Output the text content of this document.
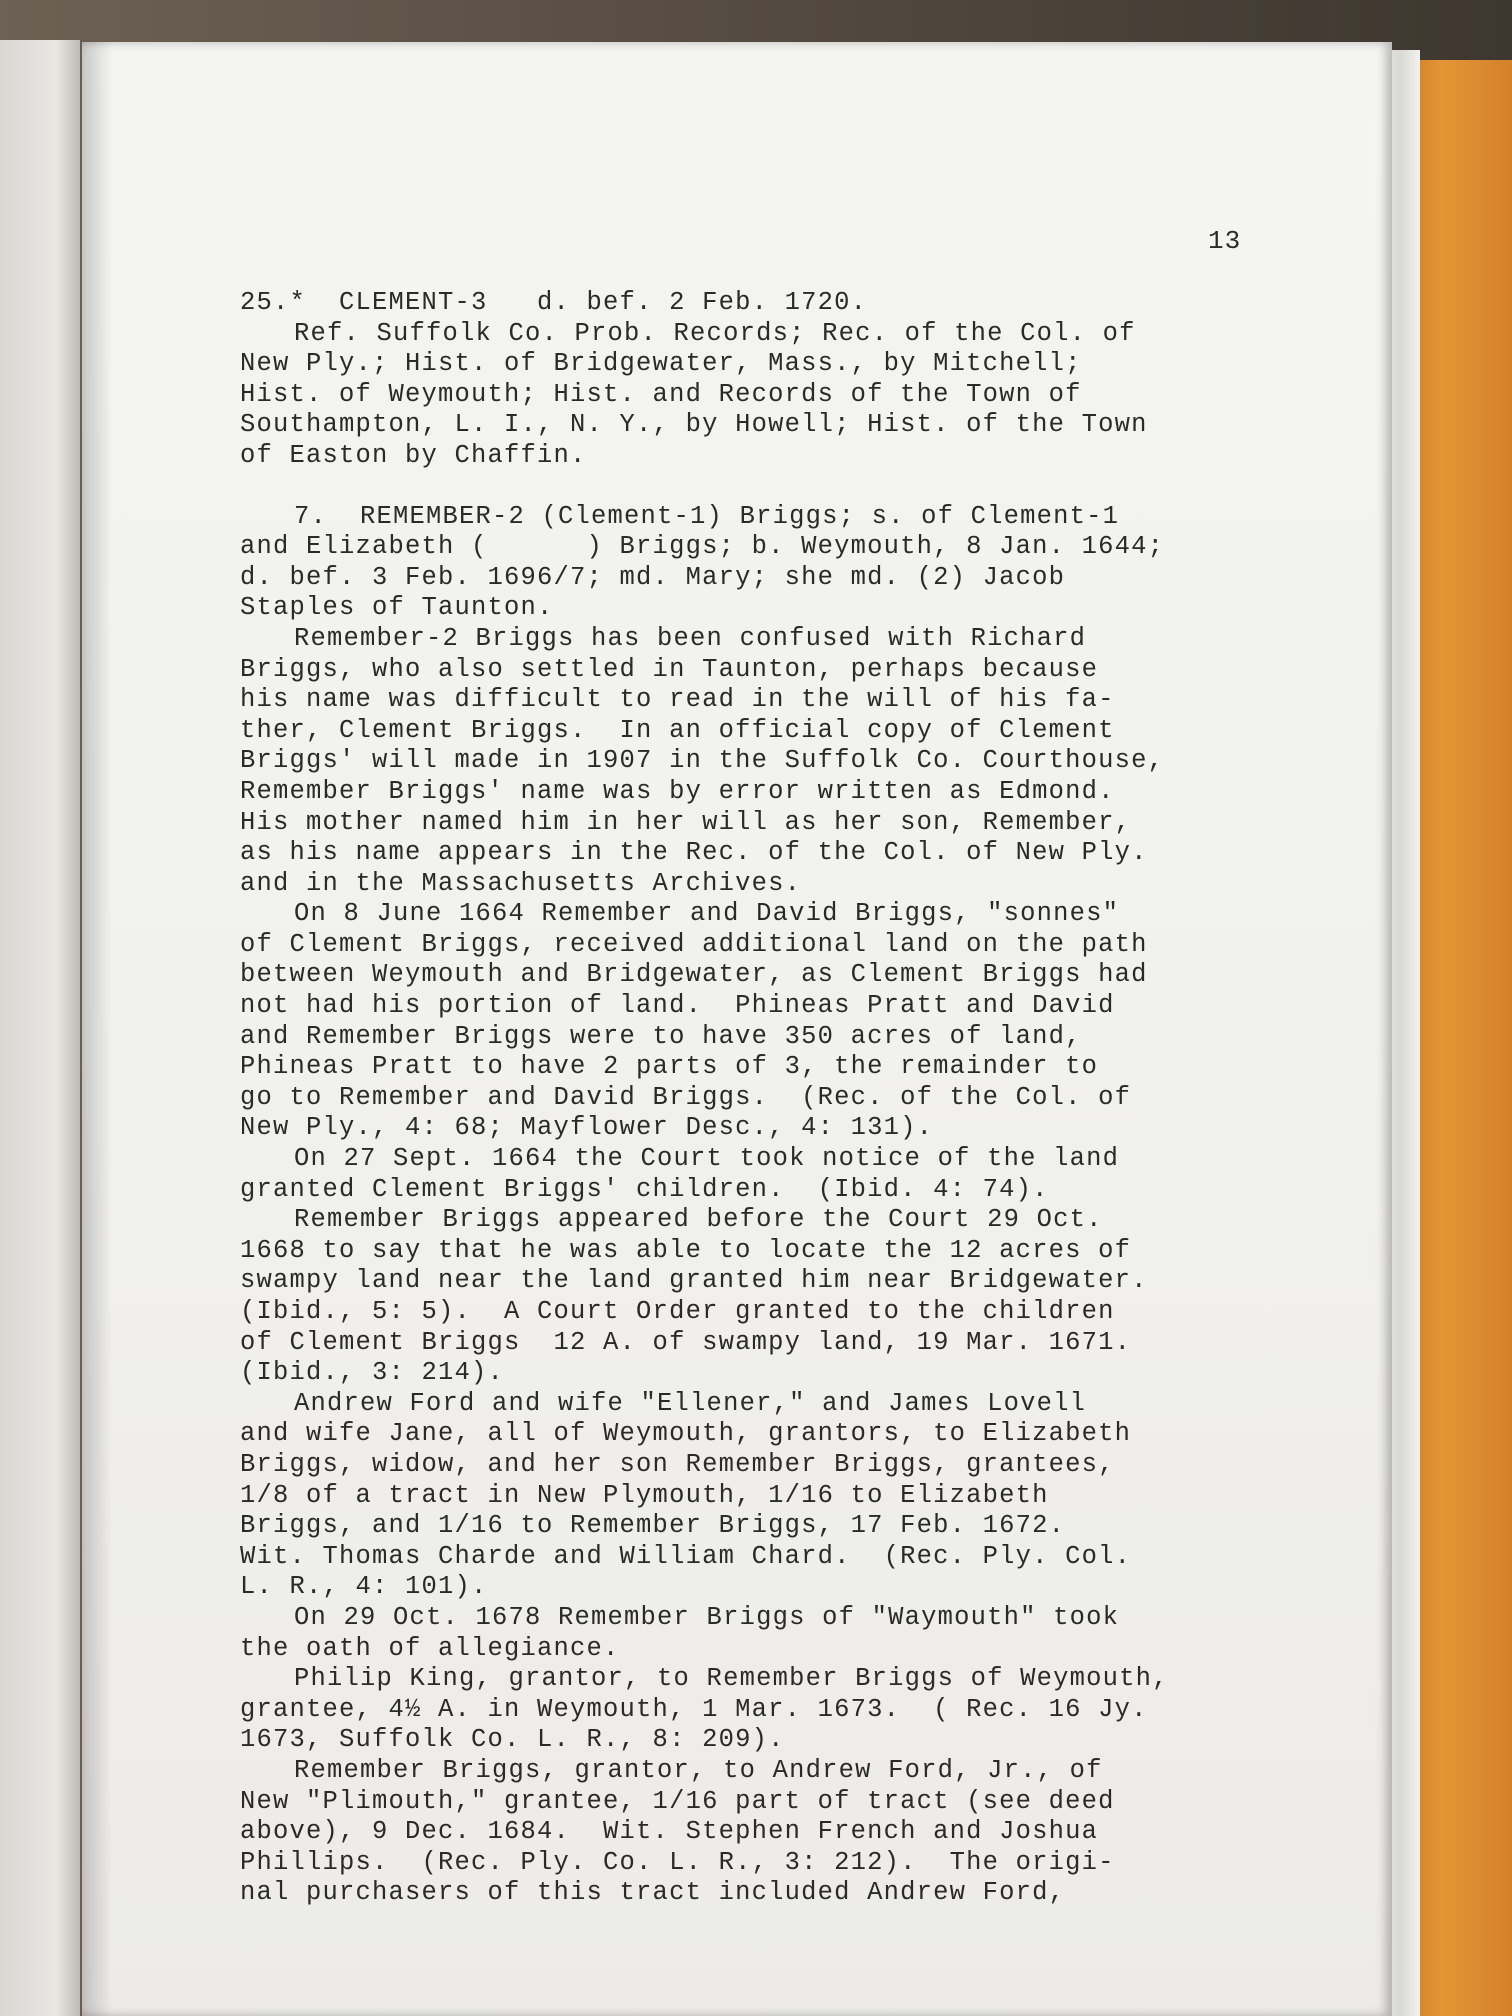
13
25.*  CLEMENT-3   d. bef. 2 Feb. 1720.
Ref. Suffolk Co. Prob. Records; Rec. of the Col. of
New Ply.; Hist. of Bridgewater, Mass., by Mitchell;
Hist. of Weymouth; Hist. and Records of the Town of
Southampton, L. I., N. Y., by Howell; Hist. of the Town
of Easton by Chaffin.
7.  REMEMBER-2 (Clement-1) Briggs; s. of Clement-1
and Elizabeth (      ) Briggs; b. Weymouth, 8 Jan. 1644;
d. bef. 3 Feb. 1696/7; md. Mary; she md. (2) Jacob
Staples of Taunton.
Remember-2 Briggs has been confused with Richard
Briggs, who also settled in Taunton, perhaps because
his name was difficult to read in the will of his fa-
ther, Clement Briggs.  In an official copy of Clement
Briggs' will made in 1907 in the Suffolk Co. Courthouse,
Remember Briggs' name was by error written as Edmond.
His mother named him in her will as her son, Remember,
as his name appears in the Rec. of the Col. of New Ply.
and in the Massachusetts Archives.
On 8 June 1664 Remember and David Briggs, "sonnes"
of Clement Briggs, received additional land on the path
between Weymouth and Bridgewater, as Clement Briggs had
not had his portion of land.  Phineas Pratt and David
and Remember Briggs were to have 350 acres of land,
Phineas Pratt to have 2 parts of 3, the remainder to
go to Remember and David Briggs.  (Rec. of the Col. of
New Ply., 4: 68; Mayflower Desc., 4: 131).
On 27 Sept. 1664 the Court took notice of the land
granted Clement Briggs' children.  (Ibid. 4: 74).
Remember Briggs appeared before the Court 29 Oct.
1668 to say that he was able to locate the 12 acres of
swampy land near the land granted him near Bridgewater.
(Ibid., 5: 5).  A Court Order granted to the children
of Clement Briggs  12 A. of swampy land, 19 Mar. 1671.
(Ibid., 3: 214).
Andrew Ford and wife "Ellener," and James Lovell
and wife Jane, all of Weymouth, grantors, to Elizabeth
Briggs, widow, and her son Remember Briggs, grantees,
1/8 of a tract in New Plymouth, 1/16 to Elizabeth
Briggs, and 1/16 to Remember Briggs, 17 Feb. 1672.
Wit. Thomas Charde and William Chard.  (Rec. Ply. Col.
L. R., 4: 101).
On 29 Oct. 1678 Remember Briggs of "Waymouth" took
the oath of allegiance.
Philip King, grantor, to Remember Briggs of Weymouth,
grantee, 4½ A. in Weymouth, 1 Mar. 1673.  ( Rec. 16 Jy.
1673, Suffolk Co. L. R., 8: 209).
Remember Briggs, grantor, to Andrew Ford, Jr., of
New "Plimouth," grantee, 1/16 part of tract (see deed
above), 9 Dec. 1684.  Wit. Stephen French and Joshua
Phillips.  (Rec. Ply. Co. L. R., 3: 212).  The origi-
nal purchasers of this tract included Andrew Ford,
